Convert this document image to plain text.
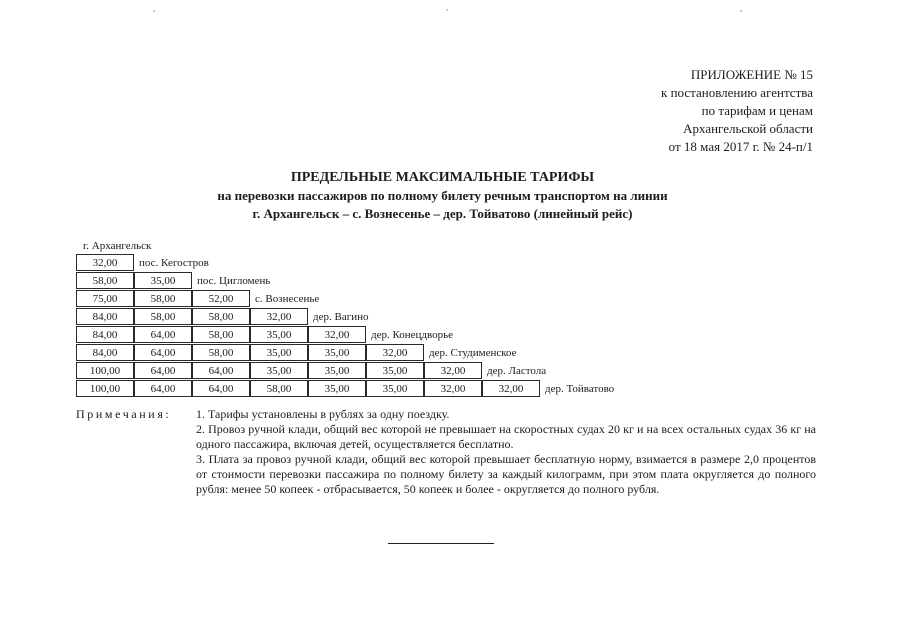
ПРИЛОЖЕНИЕ № 15
к постановлению агентства
по тарифам и ценам
Архангельской области
от 18 мая 2017 г. № 24-п/1
ПРЕДЕЛЬНЫЕ МАКСИМАЛЬНЫЕ ТАРИФЫ
на перевозки пассажиров по полному билету речным транспортом на линии
г. Архангельск – с. Вознесенье – дер. Тойватово (линейный рейс)
г. Архангельск
32,00	пос. Кегостров
58,00	35,00	пос. Цигломень
75,00	58,00	52,00	с. Вознесенье
84,00	58,00	58,00	32,00	дер. Вагино
84,00	64,00	58,00	35,00	32,00	дер. Конецдворье
84,00	64,00	58,00	35,00	35,00	32,00	дер. Студименское
100,00	64,00	64,00	35,00	35,00	35,00	32,00	дер. Ластола
100,00	64,00	64,00	58,00	35,00	35,00	32,00	32,00	дер. Тойватово
Примечания: 1. Тарифы установлены в рублях за одну поездку.

2. Провоз ручной клади, общий вес которой не превышает на скоростных судах 20 кг и на всех остальных судах 36 кг на одного пассажира, включая детей, осуществляется бесплатно.

3. Плата за провоз ручной клади, общий вес которой превышает бесплатную норму, взимается в размере 2,0 процентов от стоимости перевозки пассажира по полному билету за каждый килограмм, при этом плата округляется до полного рубля: менее 50 копеек - отбрасывается, 50 копеек и более - округляется до полного рубля.
